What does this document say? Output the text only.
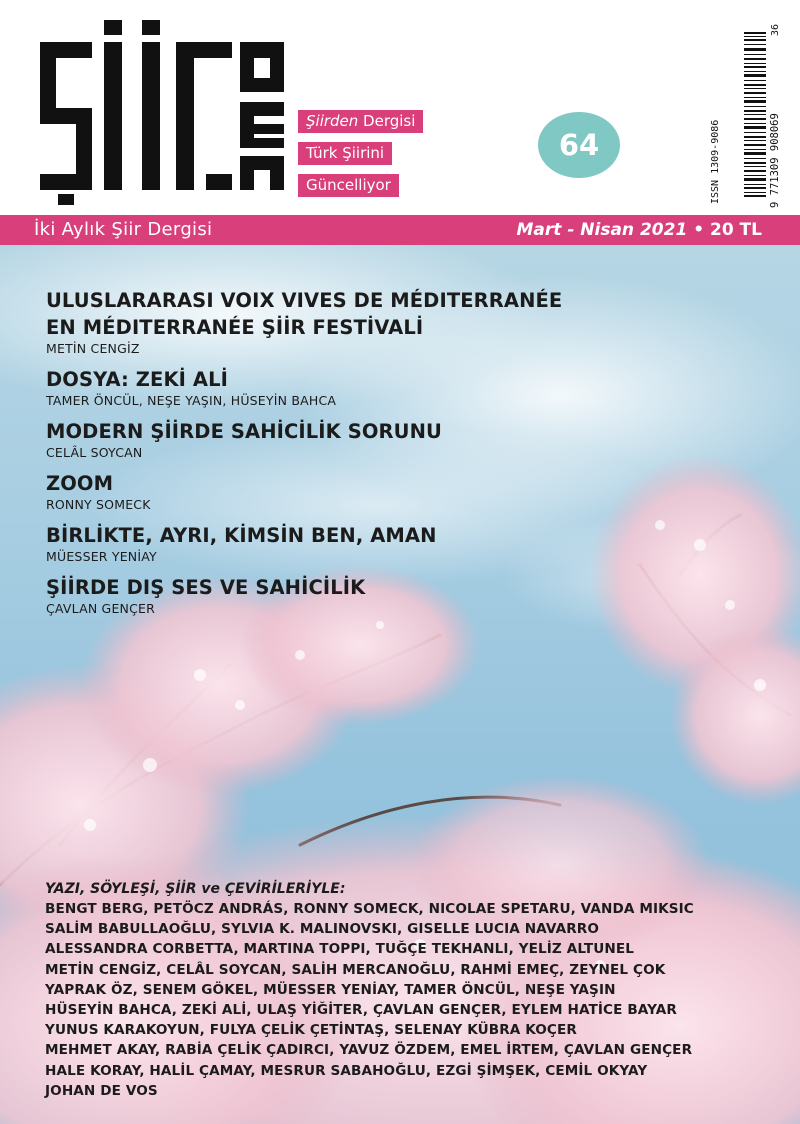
Şiirden Dergisi
Türk Şiirini
Güncelliyor
64	ISSN 1309-9086	9 771309 908069
36
İki Aylık Şiir Dergisi	Mart - Nisan 2021 • 20 TL
ULUSLARARASI VOIX VIVES DE MÉDITERRANÉE
EN MÉDITERRANÉE ŞİİR FESTİVALİ
METİN CENGİZ
DOSYA: ZEKİ ALİ
TAMER ÖNCÜL, NEŞE YAŞIN, HÜSEYİN BAHCA
MODERN ŞİİRDE SAHİCİLİK SORUNU
CELÂL SOYCAN
ZOOM
RONNY SOMECK
BİRLİKTE, AYRI, KİMSİN BEN, AMAN
MÜESSER YENİAY
ŞİİRDE DIŞ SES VE SAHİCİLİK
ÇAVLAN GENÇER
YAZI, SÖYLEŞİ, ŞİİR ve ÇEVİRİLERİYLE:
BENGT BERG, PETÖCZ ANDRÁS, RONNY SOMECK, NICOLAE SPETARU, VANDA MIKSIC
SALİM BABULLAOĞLU, SYLVIA K. MALINOVSKI, GISELLE LUCIA NAVARRO
ALESSANDRA CORBETTA, MARTINA TOPPI, TUĞÇE TEKHANLI, YELİZ ALTUNEL
METİN CENGİZ, CELÂL SOYCAN, SALİH MERCANOĞLU, RAHMİ EMEÇ, ZEYNEL ÇOK
YAPRAK ÖZ, SENEM GÖKEL, MÜESSER YENİAY, TAMER ÖNCÜL, NEŞE YAŞIN
HÜSEYİN BAHCA, ZEKİ ALİ, ULAŞ YİĞİTER, ÇAVLAN GENÇER, EYLEM HATİCE BAYAR
YUNUS KARAKOYUN, FULYA ÇELİK ÇETİNTAŞ, SELENAY KÜBRA KOÇER
MEHMET AKAY, RABİA ÇELİK ÇADIRCI, YAVUZ ÖZDEM, EMEL İRTEM, ÇAVLAN GENÇER
HALE KORAY, HALİL ÇAMAY, MESRUR SABAHOĞLU, EZGİ ŞİMŞEK, CEMİL OKYAY
JOHAN DE VOS
